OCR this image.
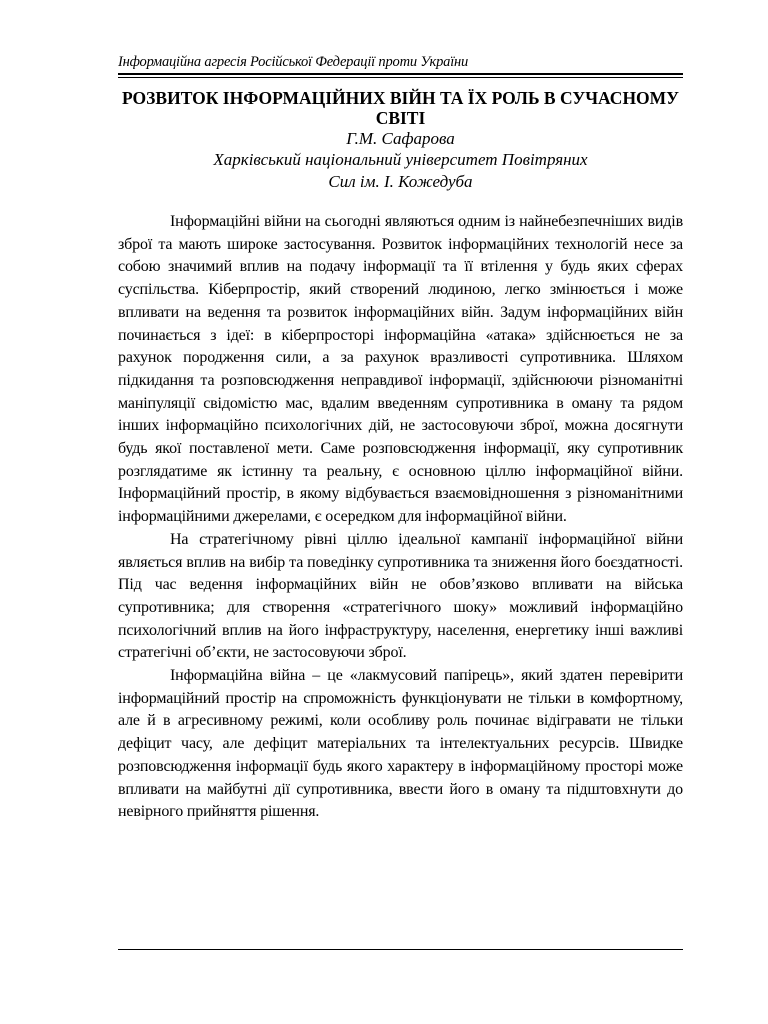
Інформаційна агресія Російської Федерації проти України
РОЗВИТОК ІНФОРМАЦІЙНИХ ВІЙН ТА ЇХ РОЛЬ В СУЧАСНОМУ СВІТІ

Г.М. Сафарова

Харківський національний університет Повітряних

Сил ім. І. Кожедуба

Інформаційні війни на сьогодні являються одним із найнебезпечніших видів зброї та мають широке застосування. Розвиток інформаційних технологій несе за собою значимий вплив на подачу інформації та її втілення у будь яких сферах суспільства. Кіберпростір, який створений людиною, легко змінюється і може впливати на ведення та розвиток інформаційних війн. Задум інформаційних війн починається з ідеї: в кіберпросторі інформаційна «атака» здійснюється не за рахунок породження сили, а за рахунок вразливості супротивника. Шляхом підкидання та розповсюдження неправдивої інформації, здійснюючи різноманітні маніпуляції свідомістю мас, вдалим введенням супротивника в оману та рядом інших інформаційно психологічних дій, не застосовуючи зброї, можна досягнути будь якої поставленої мети. Саме розповсюдження інформації, яку супротивник розглядатиме як істинну та реальну, є основною ціллю інформаційної війни. Інформаційний простір, в якому відбувається взаємовідношення з різноманітними інформаційними джерелами, є осередком для інформаційної війни.

На стратегічному рівні ціллю ідеальної кампанії інформаційної війни являється вплив на вибір та поведінку супротивника та зниження його боєздатності. Під час ведення інформаційних війн не обов’язково впливати на війська супротивника; для створення «стратегічного шоку» можливий інформаційно психологічний вплив на його інфраструктуру, населення, енергетику інші важливі стратегічні об’єкти, не застосовуючи зброї.

Інформаційна війна – це «лакмусовий папірець», який здатен перевірити інформаційний простір на спроможність функціонувати не тільки в комфортному, але й в агресивному режимі, коли особливу роль починає відігравати не тільки дефіцит часу, але дефіцит матеріальних та інтелектуальних ресурсів. Швидке розповсюдження інформації будь якого характеру в інформаційному просторі може впливати на майбутні дії супротивника, ввести його в оману та підштовхнути до невірного прийняття рішення.
